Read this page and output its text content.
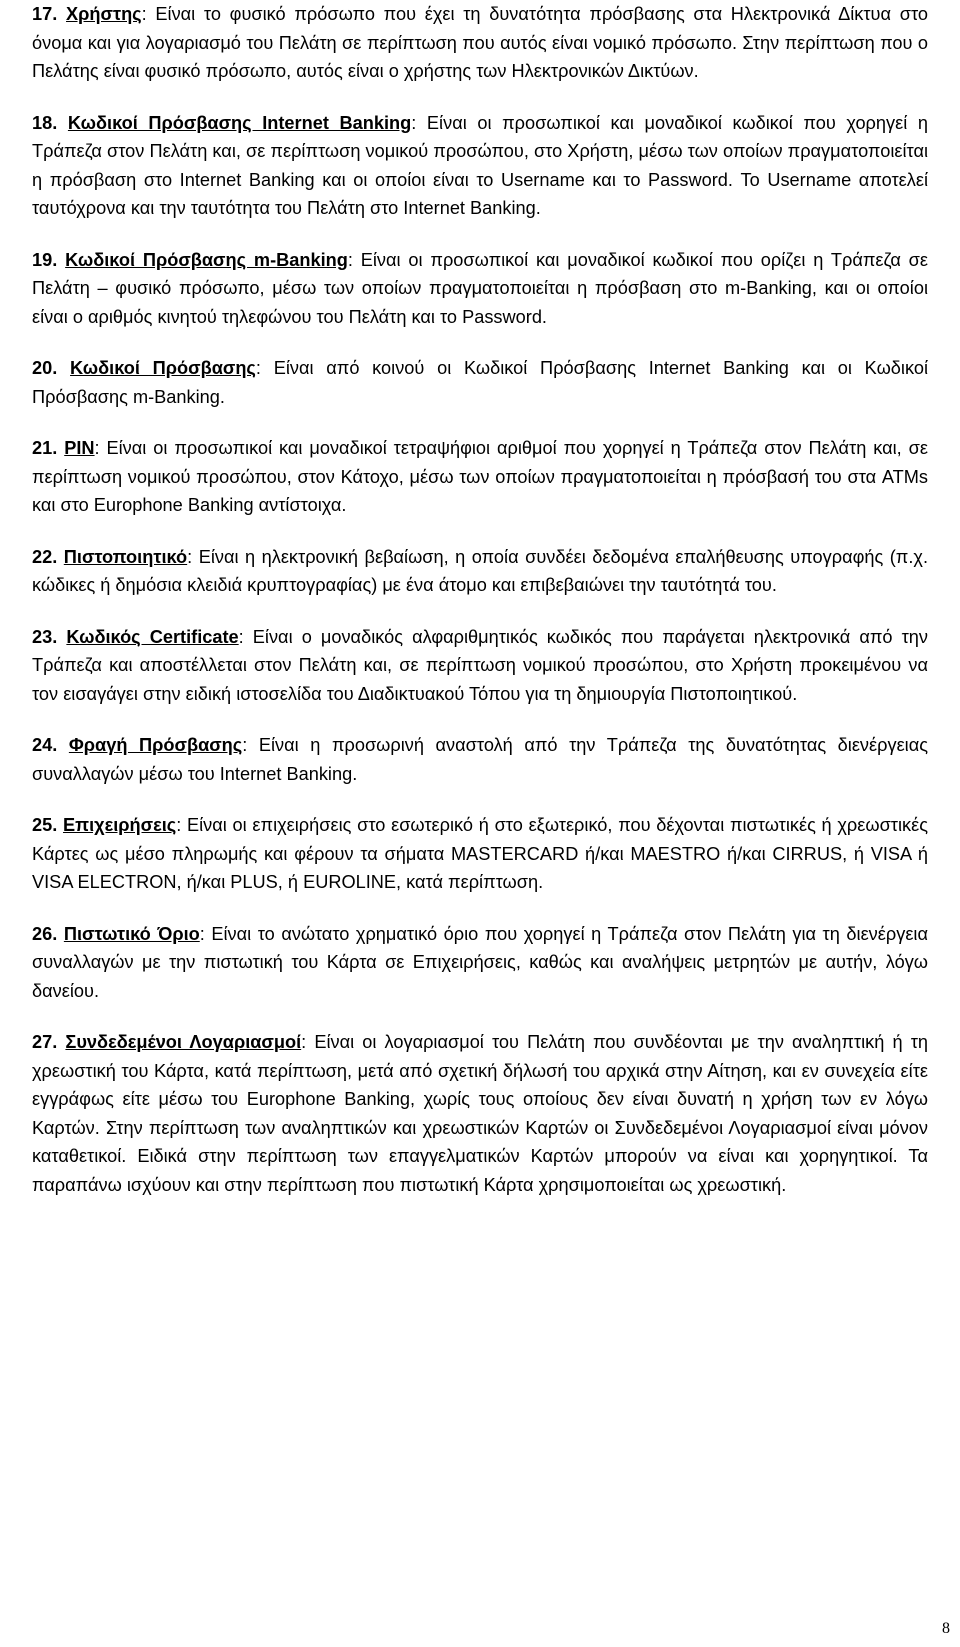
17. Χρήστης: Είναι το φυσικό πρόσωπο που έχει τη δυνατότητα πρόσβασης στα Ηλεκτρονικά Δίκτυα στο όνομα και για λογαριασμό του Πελάτη σε περίπτωση που αυτός είναι νομικό πρόσωπο. Στην περίπτωση που ο Πελάτης είναι φυσικό πρόσωπο, αυτός είναι ο χρήστης των Ηλεκτρονικών Δικτύων.

18. Κωδικοί Πρόσβασης Internet Banking: Είναι οι προσωπικοί και μοναδικοί κωδικοί που χορηγεί η Τράπεζα στον Πελάτη και, σε περίπτωση νομικού προσώπου, στο Χρήστη, μέσω των οποίων πραγματοποιείται η πρόσβαση στο Internet Banking και οι οποίοι είναι το Username και το Password. Το Username αποτελεί ταυτόχρονα και την ταυτότητα του Πελάτη στο Internet Banking.

19. Κωδικοί Πρόσβασης m-Banking: Είναι οι προσωπικοί και μοναδικοί κωδικοί που ορίζει η Τράπεζα σε Πελάτη – φυσικό πρόσωπο, μέσω των οποίων πραγματοποιείται η πρόσβαση στο m-Banking, και οι οποίοι είναι ο αριθμός κινητού τηλεφώνου του Πελάτη και το Password.

20. Κωδικοί Πρόσβασης: Είναι από κοινού οι Κωδικοί Πρόσβασης Internet Banking και οι Κωδικοί Πρόσβασης m-Banking.

21. PIN: Είναι οι προσωπικοί και μοναδικοί τετραψήφιοι αριθμοί που χορηγεί η Τράπεζα στον Πελάτη και, σε περίπτωση νομικού προσώπου, στον Κάτοχο, μέσω των οποίων πραγματοποιείται η πρόσβασή του στα ATMs και στο Europhone Banking αντίστοιχα.

22. Πιστοποιητικό: Είναι η ηλεκτρονική βεβαίωση, η οποία συνδέει δεδομένα επαλήθευσης υπογραφής (π.χ. κώδικες ή δημόσια κλειδιά κρυπτογραφίας) με ένα άτομο και επιβεβαιώνει την ταυτότητά του.

23. Κωδικός Certificate: Είναι ο μοναδικός αλφαριθμητικός κωδικός που παράγεται ηλεκτρονικά από την Τράπεζα και αποστέλλεται στον Πελάτη και, σε περίπτωση νομικού προσώπου, στο Χρήστη προκειμένου να τον εισαγάγει στην ειδική ιστοσελίδα του Διαδικτυακού Τόπου για τη δημιουργία Πιστοποιητικού.

24. Φραγή Πρόσβασης: Είναι η προσωρινή αναστολή από την Τράπεζα της δυνατότητας διενέργειας συναλλαγών μέσω του Internet Banking.

25. Επιχειρήσεις: Είναι οι επιχειρήσεις στο εσωτερικό ή στο εξωτερικό, που δέχονται πιστωτικές ή χρεωστικές Κάρτες ως μέσο πληρωμής και φέρουν τα σήματα MASTERCARD ή/και MAESTRO ή/και CIRRUS, ή VISA ή VISA ELECTRON, ή/και PLUS, ή EUROLINE, κατά περίπτωση.

26. Πιστωτικό Όριο: Είναι το ανώτατο χρηματικό όριο που χορηγεί η Τράπεζα στον Πελάτη για τη διενέργεια συναλλαγών με την πιστωτική του Κάρτα σε Επιχειρήσεις, καθώς και αναλήψεις μετρητών με αυτήν, λόγω δανείου.

27. Συνδεδεμένοι Λογαριασμοί: Είναι οι λογαριασμοί του Πελάτη που συνδέονται με την αναληπτική ή τη χρεωστική του Κάρτα, κατά περίπτωση, μετά από σχετική δήλωσή του αρχικά στην Αίτηση, και εν συνεχεία είτε εγγράφως είτε μέσω του Europhone Banking, χωρίς τους οποίους δεν είναι δυνατή η χρήση των εν λόγω Καρτών. Στην περίπτωση των αναληπτικών και χρεωστικών Καρτών οι Συνδεδεμένοι Λογαριασμοί είναι μόνον καταθετικοί. Ειδικά στην περίπτωση των επαγγελματικών Καρτών μπορούν να είναι και χορηγητικοί. Τα παραπάνω ισχύουν και στην περίπτωση που πιστωτική Κάρτα χρησιμοποιείται ως χρεωστική.

8
